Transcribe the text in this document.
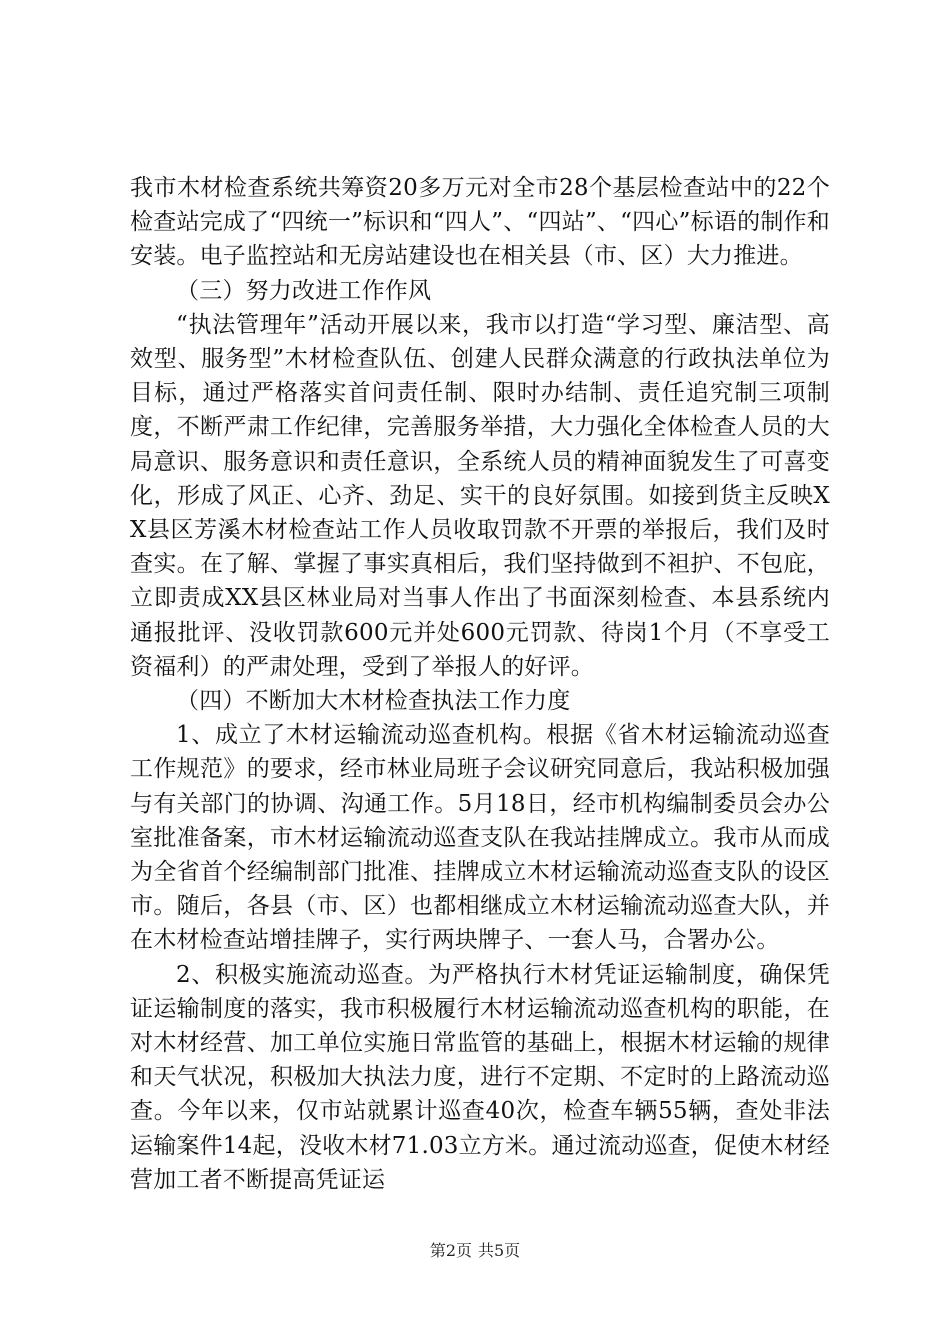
我市木材检查系统共筹资20多万元对全市28个基层检查站中的22个检查站完成了“四统一”标识和“四人”、“四站”、“四心”标语的制作和安装。电子监控站和无房站建设也在相关县（市、区）大力推进。

（三）努力改进工作作风

“执法管理年”活动开展以来，我市以打造“学习型、廉洁型、高效型、服务型”木材检查队伍、创建人民群众满意的行政执法单位为目标，通过严格落实首问责任制、限时办结制、责任追究制三项制度，不断严肃工作纪律，完善服务举措，大力强化全体检查人员的大局意识、服务意识和责任意识，全系统人员的精神面貌发生了可喜变化，形成了风正、心齐、劲足、实干的良好氛围。如接到货主反映XX县区芳溪木材检查站工作人员收取罚款不开票的举报后，我们及时查实。在了解、掌握了事实真相后，我们坚持做到不袒护、不包庇，立即责成XX县区林业局对当事人作出了书面深刻检查、本县系统内通报批评、没收罚款600元并处600元罚款、待岗1个月（不享受工资福利）的严肃处理，受到了举报人的好评。

（四）不断加大木材检查执法工作力度

1、成立了木材运输流动巡查机构。根据《省木材运输流动巡查工作规范》的要求，经市林业局班子会议研究同意后，我站积极加强与有关部门的协调、沟通工作。5月18日，经市机构编制委员会办公室批准备案，市木材运输流动巡查支队在我站挂牌成立。我市从而成为全省首个经编制部门批准、挂牌成立木材运输流动巡查支队的设区市。随后，各县（市、区）也都相继成立木材运输流动巡查大队，并在木材检查站增挂牌子，实行两块牌子、一套人马，合署办公。

2、积极实施流动巡查。为严格执行木材凭证运输制度，确保凭证运输制度的落实，我市积极履行木材运输流动巡查机构的职能，在对木材经营、加工单位实施日常监管的基础上，根据木材运输的规律和天气状况，积极加大执法力度，进行不定期、不定时的上路流动巡查。今年以来，仅市站就累计巡查40次，检查车辆55辆，查处非法运输案件14起，没收木材71.03立方米。通过流动巡查，促使木材经营加工者不断提高凭证运

第2页 共5页
